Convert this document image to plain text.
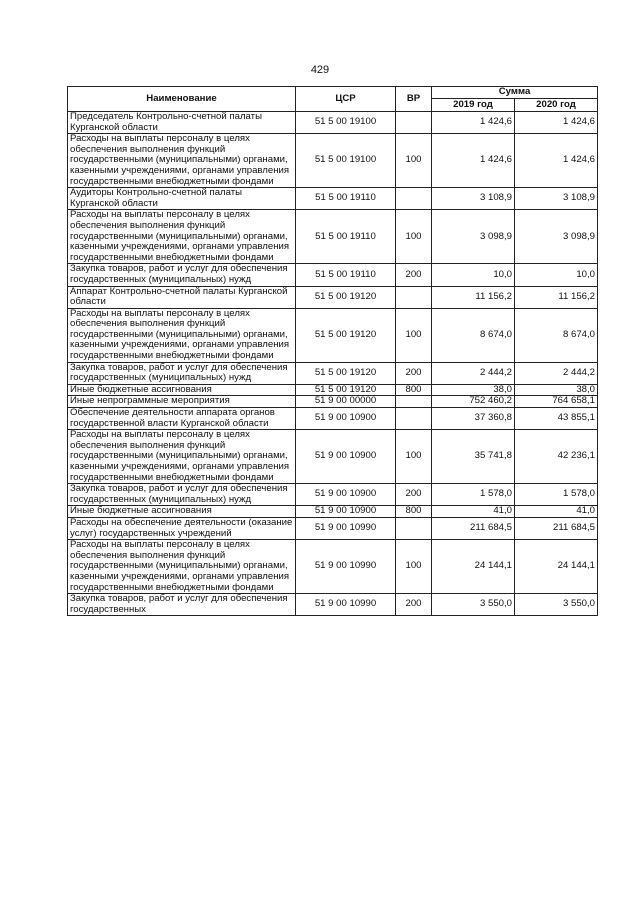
429
Наименование	ЦСР	ВР	Сумма	
			2019 год	2020 год
Председатель Контрольно-счетной палаты Курганской области	51 5 00 19100		1 424,6	1 424,6
Расходы на выплаты персоналу в целях обеспечения выполнения функций государственными (муниципальными) органами, казенными учреждениями, органами управления государственными внебюджетными фондами	51 5 00 19100	100	1 424,6	1 424,6
Аудиторы Контрольно-счетной палаты Курганской области	51 5 00 19110		3 108,9	3 108,9
Расходы на выплаты персоналу в целях обеспечения выполнения функций государственными (муниципальными) органами, казенными учреждениями, органами управления государственными внебюджетными фондами	51 5 00 19110	100	3 098,9	3 098,9
Закупка товаров, работ и услуг для обеспечения государственных (муниципальных) нужд	51 5 00 19110	200	10,0	10,0
Аппарат Контрольно-счетной палаты Курганской области	51 5 00 19120		11 156,2	11 156,2
Расходы на выплаты персоналу в целях обеспечения выполнения функций государственными (муниципальными) органами, казенными учреждениями, органами управления государственными внебюджетными фондами	51 5 00 19120	100	8 674,0	8 674,0
Закупка товаров, работ и услуг для обеспечения государственных (муниципальных) нужд	51 5 00 19120	200	2 444,2	2 444,2
Иные бюджетные ассигнования	51 5 00 19120	800	38,0	38,0
Иные непрограммные мероприятия	51 9 00 00000		752 460,2	764 658,1
Обеспечение деятельности аппарата органов государственной власти Курганской области	51 9 00 10900		37 360,8	43 855,1
Расходы на выплаты персоналу в целях обеспечения выполнения функций государственными (муниципальными) органами, казенными учреждениями, органами управления государственными внебюджетными фондами	51 9 00 10900	100	35 741,8	42 236,1
Закупка товаров, работ и услуг для обеспечения государственных (муниципальных) нужд	51 9 00 10900	200	1 578,0	1 578,0
Иные бюджетные ассигнования	51 9 00 10900	800	41,0	41,0
Расходы на обеспечение деятельности (оказание услуг) государственных учреждений	51 9 00 10990		211 684,5	211 684,5
Расходы на выплаты персоналу в целях обеспечения выполнения функций государственными (муниципальными) органами, казенными учреждениями, органами управления государственными внебюджетными фондами	51 9 00 10990	100	24 144,1	24 144,1
Закупка товаров, работ и услуг для обеспечения государственных	51 9 00 10990	200	3 550,0	3 550,0
